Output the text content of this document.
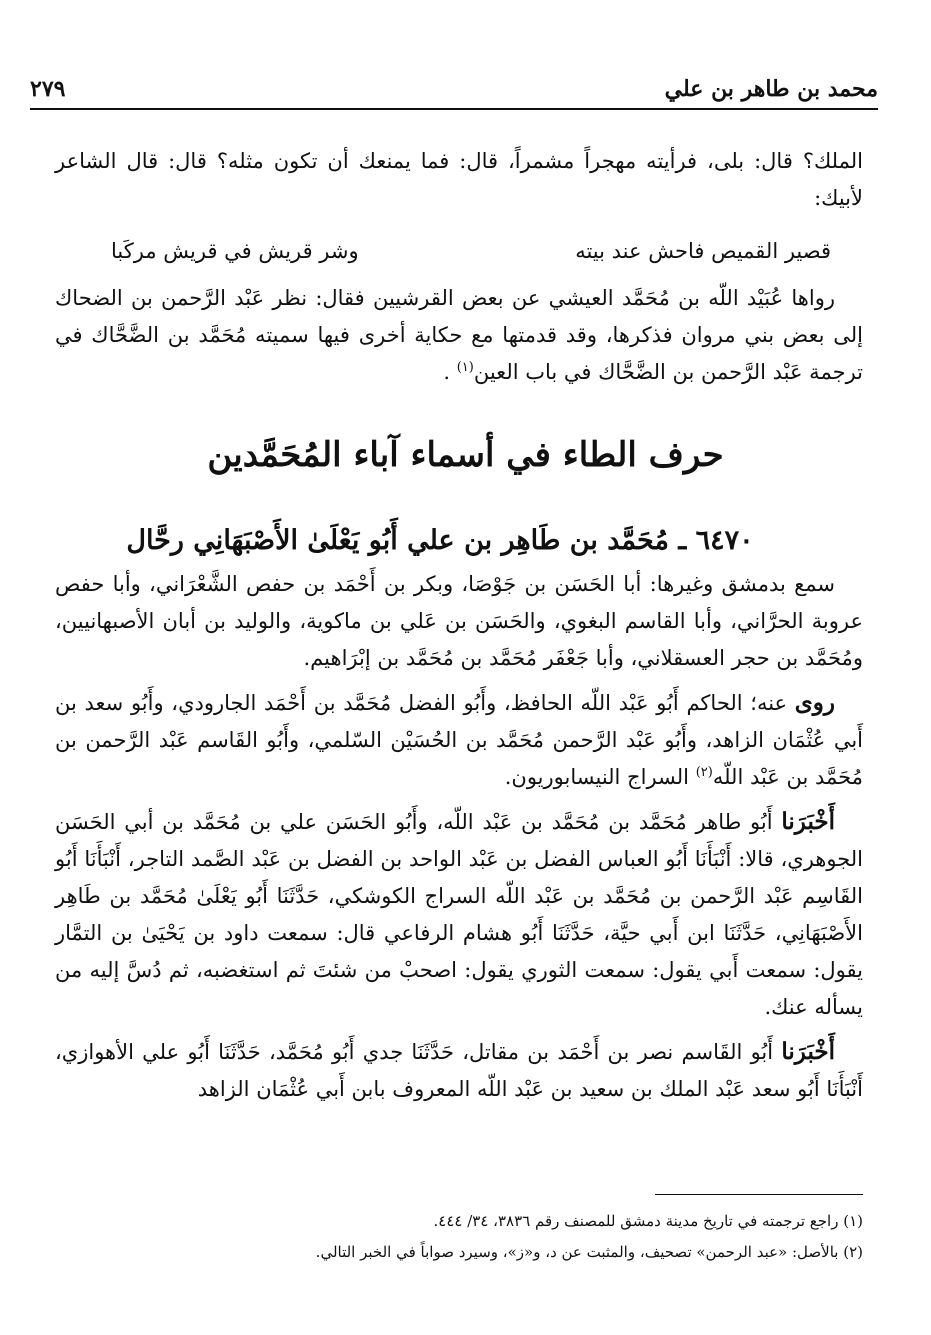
محمد بن طاهر بن علي
٢٧٩

الملك؟ قال: بلى، فرأيته مهجراً مشمراً، قال: فما يمنعك أن تكون مثله؟ قال: قال الشاعر لأبيك:

قصير القميص فاحش عند بيته
وشر قريش في قريش مركَبا

رواها عُبَيْد اللّه بن مُحَمَّد العيشي عن بعض القرشيين فقال: نظر عَبْد الرَّحمن بن الضحاك إلى بعض بني مروان فذكرها، وقد قدمتها مع حكاية أخرى فيها سميته مُحَمَّد بن الضَّحَّاك في ترجمة عَبْد الرَّحمن بن الضَّحَّاك في باب العين$^{(١)}$ .

حرف الطاء في أسماء آباء المُحَمَّدين
٦٤٧٠ ـ مُحَمَّد بن طَاهِر بن علي أَبُو يَعْلَىٰ الأَصْبَهَانِي رحَّال

سمع بدمشق وغيرها: أبا الحَسَن بن جَوْصَا، وبكر بن أَحْمَد بن حفص الشَّعْرَاني، وأبا حفص عروبة الحرَّاني، وأبا القاسم البغوي، والحَسَن بن عَلي بن ماكوية، والوليد بن أبان الأصبهانيين، ومُحَمَّد بن حجر العسقلاني، وأبا جَعْفَر مُحَمَّد بن مُحَمَّد بن إبْرَاهيم.

روى عنه؛ الحاكم أَبُو عَبْد اللّه الحافظ، وأَبُو الفضل مُحَمَّد بن أَحْمَد الجارودي، وأَبُو سعد بن أَبي عُثْمَان الزاهد، وأَبُو عَبْد الرَّحمن مُحَمَّد بن الحُسَيْن السّلمي، وأَبُو القَاسم عَبْد الرَّحمن بن مُحَمَّد بن عَبْد اللّه$^{(٢)}$ السراج النيسابوريون.

أَخْبَرَنا أَبُو طاهر مُحَمَّد بن مُحَمَّد بن عَبْد اللّه، وأَبُو الحَسَن علي بن مُحَمَّد بن أبي الحَسَن الجوهري، قالا: أَنْبَأَنَا أَبُو العباس الفضل بن عَبْد الواحد بن الفضل بن عَبْد الصَّمد التاجر، أَنْبَأَنَا أَبُو القَاسِم عَبْد الرَّحمن بن مُحَمَّد بن عَبْد اللّه السراج الكوشكي، حَدَّثَنَا أَبُو يَعْلَىٰ مُحَمَّد بن طَاهِر الأَصْبَهَانِي، حَدَّثَنَا ابن أَبي حيَّة، حَدَّثَنَا أَبُو هشام الرفاعي قال: سمعت داود بن يَحْيَىٰ بن التمَّار يقول: سمعت أَبي يقول: سمعت الثوري يقول: اصحبْ من شئتَ ثم استغضبه، ثم دُسَّ إليه من يسأله عنك.

أَخْبَرَنا أَبُو القَاسم نصر بن أَحْمَد بن مقاتل، حَدَّثَنَا جدي أَبُو مُحَمَّد، حَدَّثَنَا أَبُو علي الأهوازي، أَنْبَأَنَا أَبُو سعد عَبْد الملك بن سعيد بن عَبْد اللّه المعروف بابن أَبي عُثْمَان الزاهد

(١) راجع ترجمته في تاريخ مدينة دمشق للمصنف رقم ٣٨٣٦، ٣٤/ ٤٤٤.

(٢) بالأصل: «عبد الرحمن» تصحيف، والمثبت عن د، و«ز»، وسيرد صواباً في الخبر التالي.
